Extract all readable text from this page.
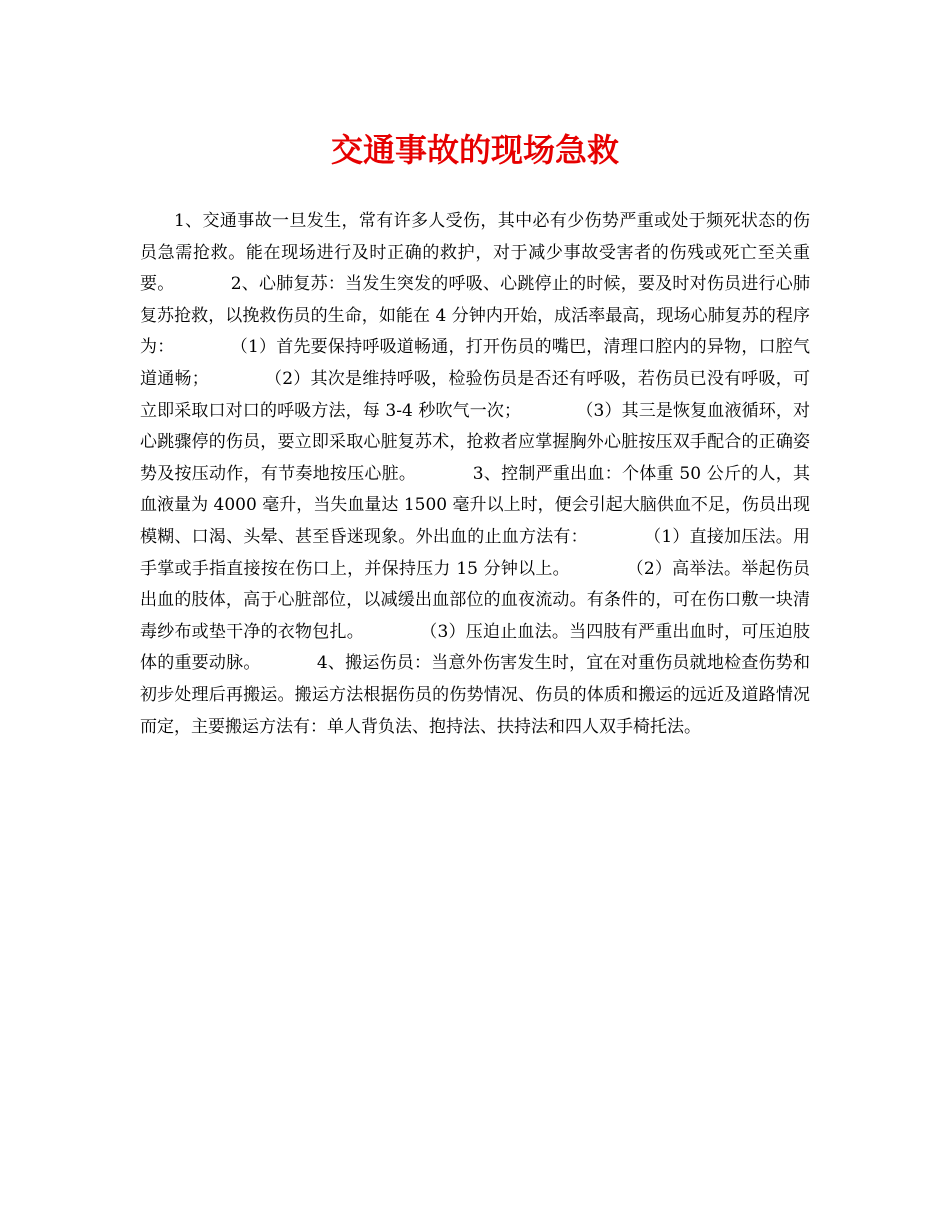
交通事故的现场急救

1、交通事故一旦发生，常有许多人受伤，其中必有少伤势严重或处于频死状态的伤员急需抢救。能在现场进行及时正确的救护，对于减少事故受害者的伤残或死亡至关重要。          2、心肺复苏：当发生突发的呼吸、心跳停止的时候，要及时对伤员进行心肺复苏抢救，以挽救伤员的生命，如能在 4 分钟内开始，成活率最高，现场心肺复苏的程序为：          （1）首先要保持呼吸道畅通，打开伤员的嘴巴，清理口腔内的异物，口腔气道通畅；          （2）其次是维持呼吸，检验伤员是否还有呼吸，若伤员已没有呼吸，可立即采取口对口的呼吸方法，每 3-4 秒吹气一次；          （3）其三是恢复血液循环，对心跳骤停的伤员，要立即采取心脏复苏术，抢救者应掌握胸外心脏按压双手配合的正确姿势及按压动作，有节奏地按压心脏。          3、控制严重出血：个体重 50 公斤的人，其血液量为 4000 毫升，当失血量达 1500 毫升以上时，便会引起大脑供血不足，伤员出现模糊、口渴、头晕、甚至昏迷现象。外出血的止血方法有：          （1）直接加压法。用手掌或手指直接按在伤口上，并保持压力 15 分钟以上。          （2）高举法。举起伤员出血的肢体，高于心脏部位，以减缓出血部位的血夜流动。有条件的，可在伤口敷一块清毒纱布或垫干净的衣物包扎。          （3）压迫止血法。当四肢有严重出血时，可压迫肢体的重要动脉。          4、搬运伤员：当意外伤害发生时，宜在对重伤员就地检查伤势和初步处理后再搬运。搬运方法根据伤员的伤势情况、伤员的体质和搬运的远近及道路情况而定，主要搬运方法有：单人背负法、抱持法、扶持法和四人双手椅托法。
